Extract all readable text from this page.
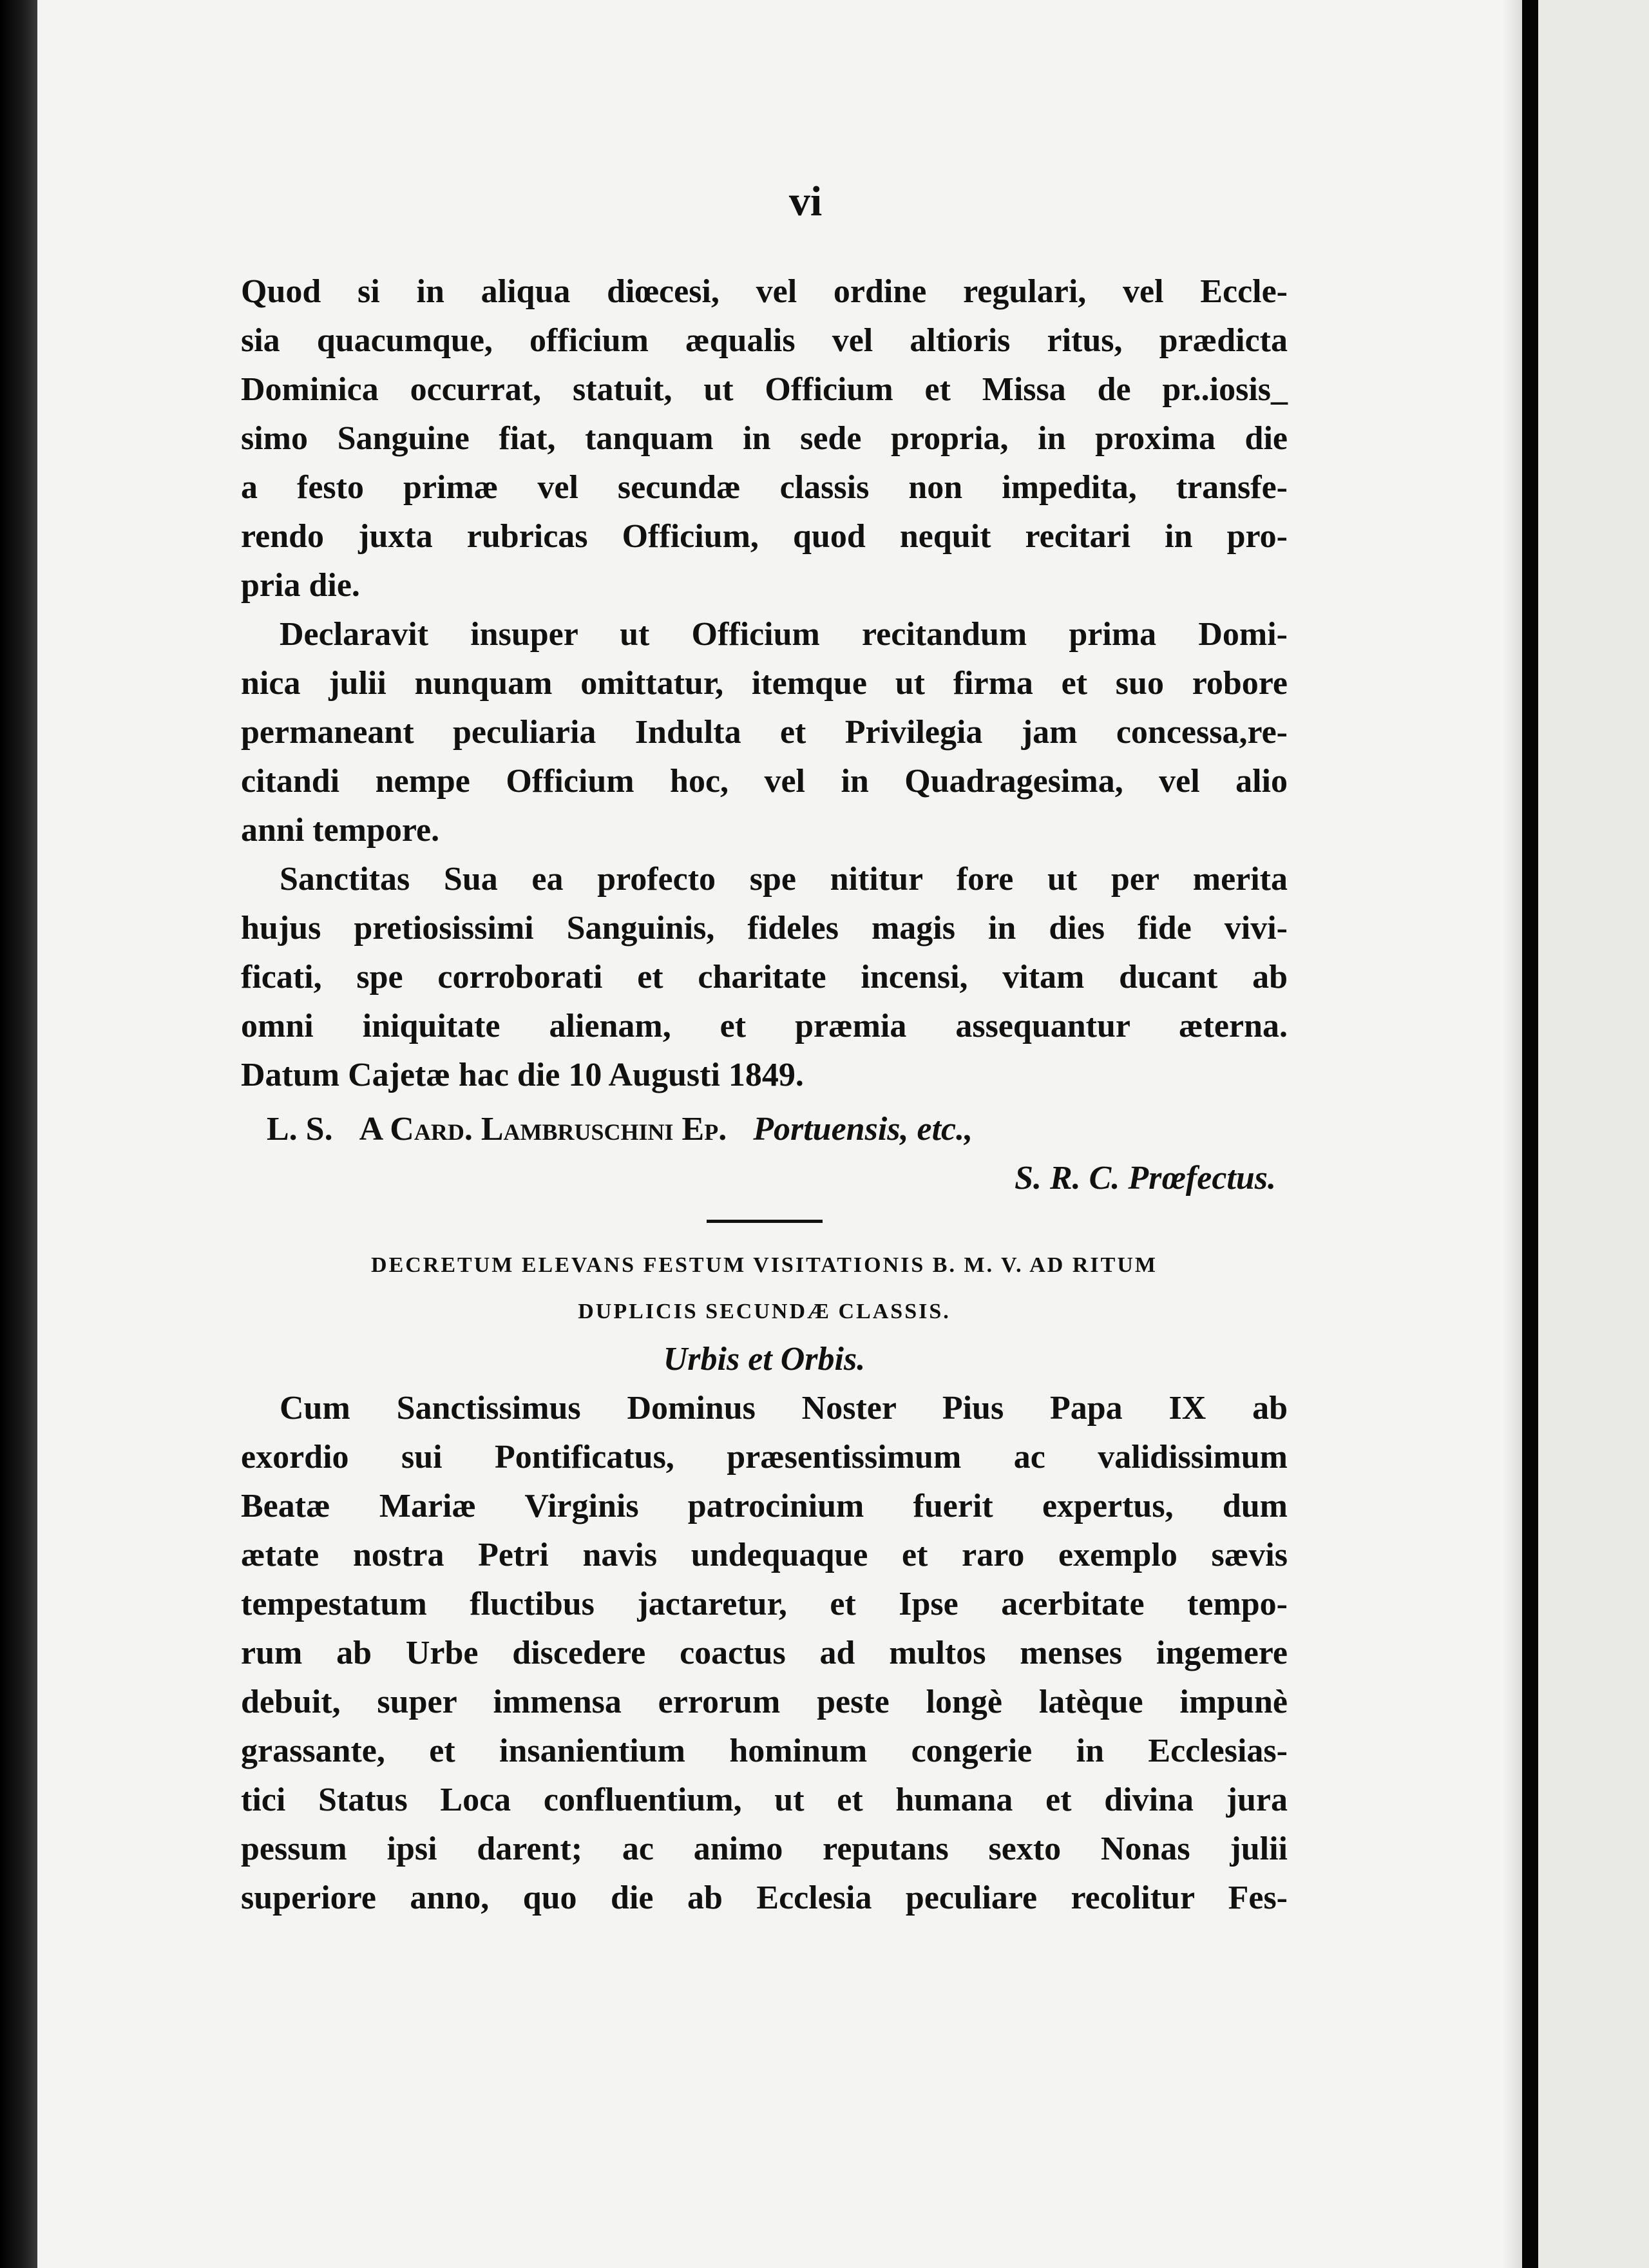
vi
Quod si in aliqua diœcesi, vel ordine regulari, vel Eccle-
sia quacumque, officium æqualis vel altioris ritus, prædicta
Dominica occurrat, statuit, ut Officium et Missa de pr..iosis_
simo Sanguine fiat, tanquam in sede propria, in proxima die
a festo primæ vel secundæ classis non impedita, transfe-
rendo juxta rubricas Officium, quod nequit recitari in pro-
pria die.
Declaravit insuper ut Officium recitandum prima Domi-
nica julii nunquam omittatur, itemque ut firma et suo robore
permaneant peculiaria Indulta et Privilegia jam concessa,re-
citandi nempe Officium hoc, vel in Quadragesima, vel alio
anni tempore.
Sanctitas Sua ea profecto spe nititur fore ut per merita
hujus pretiosissimi Sanguinis, fideles magis in dies fide vivi-
ficati, spe corroborati et charitate incensi, vitam ducant ab
omni iniquitate alienam, et præmia assequantur æterna.
Datum Cajetæ hac die 10 Augusti 1849.
L. S. A Card. Lambruschini Ep. Portuensis, etc.,
S. R. C. Prœfectus.
DECRETUM ELEVANS FESTUM VISITATIONIS B. M. V. AD RITUM
DUPLICIS SECUNDÆ CLASSIS.
Urbis et Orbis.
Cum Sanctissimus Dominus Noster Pius Papa IX ab
exordio sui Pontificatus, præsentissimum ac validissimum
Beatæ Mariæ Virginis patrocinium fuerit expertus, dum
ætate nostra Petri navis undequaque et raro exemplo sævis
tempestatum fluctibus jactaretur, et Ipse acerbitate tempo-
rum ab Urbe discedere coactus ad multos menses ingemere
debuit, super immensa errorum peste longè latèque impunè
grassante, et insanientium hominum congerie in Ecclesias-
tici Status Loca confluentium, ut et humana et divina jura
pessum ipsi darent; ac animo reputans sexto Nonas julii
superiore anno, quo die ab Ecclesia peculiare recolitur Fes-
